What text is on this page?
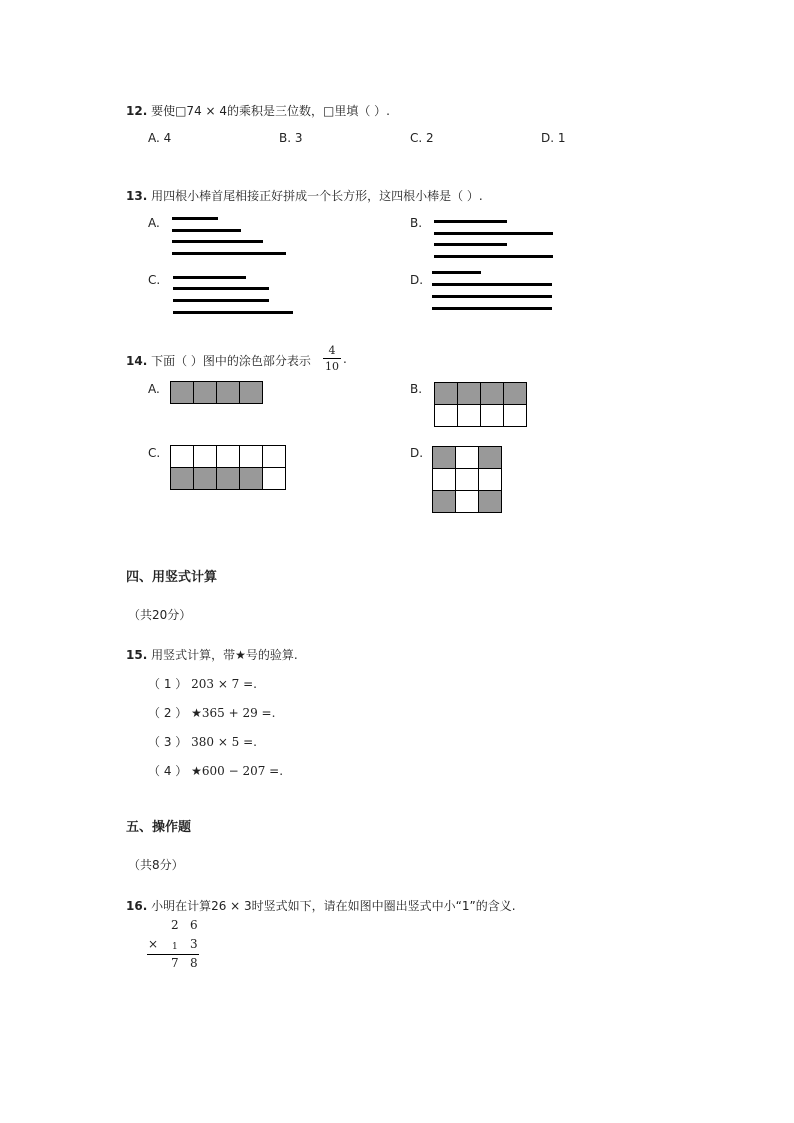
12. 要使□74 × 4的乘积是三位数，□里填（ ）.
A. 4	B. 3	C. 2	D. 1
13. 用四根小棒首尾相接正好拼成一个长方形，这四根小棒是（ ）.
A.	B.
C.	D.
14. 下面（ ）图中的涂色部分表示
4
10
.
A.
				B.

C.

					D.

四、用竖式计算
（共20分）
15. 用竖式计算，带★号的验算.
（ 1 ） 203 × 7 =.
（ 2 ） ★365 + 29 =.
（ 3 ） 380 × 5 =.
（ 4 ） ★600 − 207 =.
五、操作题
（共8分）
16. 小明在计算26 × 3时竖式如下，请在如图中圈出竖式中小“1”的含义.
2 6
× 1 3
7 8
